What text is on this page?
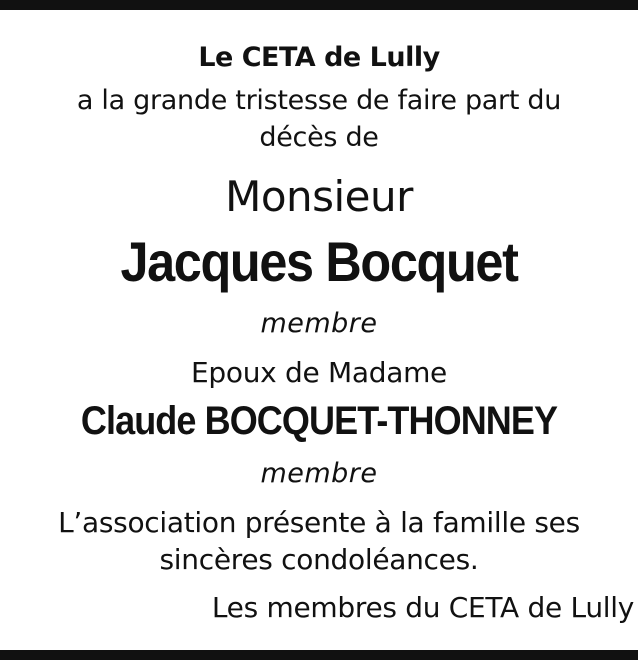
Le CETA de Lully
a la grande tristesse de faire part du
décès de
Monsieur
Jacques Bocquet
membre
Epoux de Madame
Claude BOCQUET-THONNEY
membre
L’association présente à la famille ses
sincères condoléances.
Les membres du CETA de Lully
